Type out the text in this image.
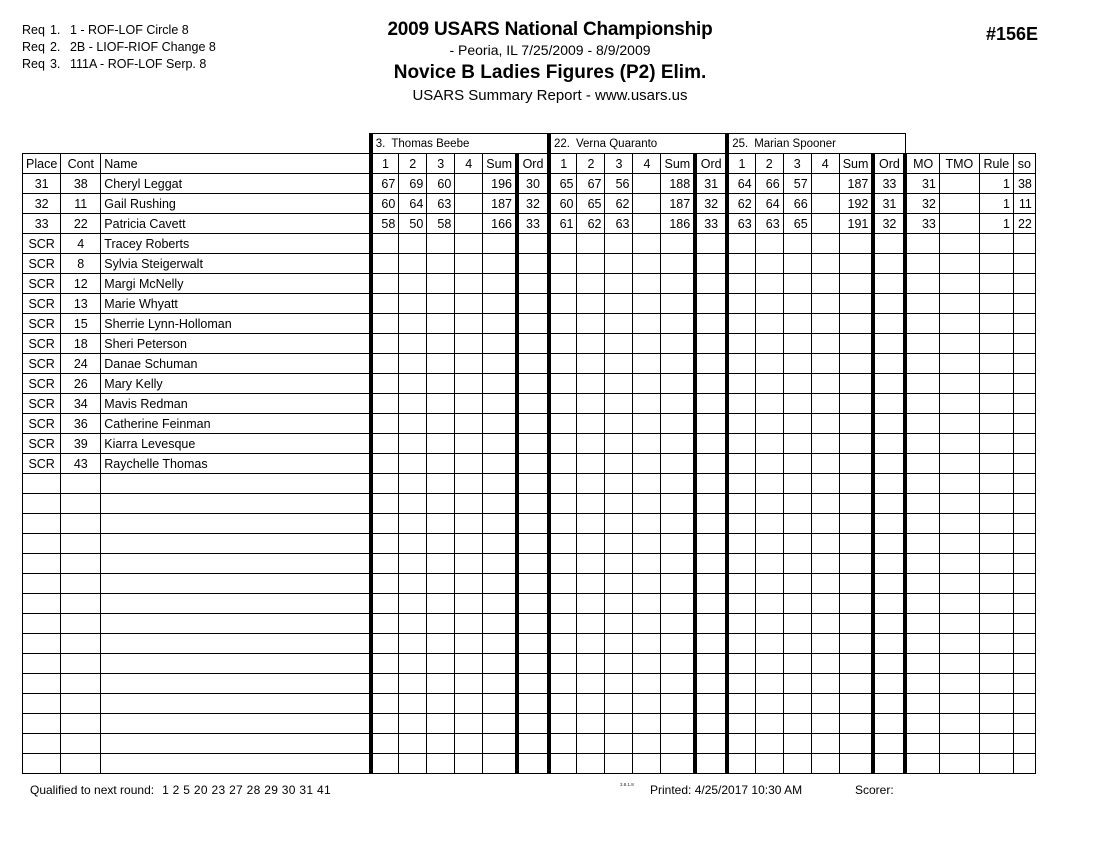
Req 1. 1 - ROF-LOF Circle 8
Req 2. 2B - LIOF-RIOF Change 8
Req 3. 111A - ROF-LOF Serp. 8
2009 USARS National Championship
- Peoria, IL 7/25/2009 - 8/9/2009
Novice B Ladies Figures (P2) Elim.
USARS Summary Report - www.usars.us
#156E
			3. Thomas Beebe						22. Verna Quaranto						25. Marian Spooner									
Place	Cont	Name	1	2	3	4	Sum	Ord	1	2	3	4	Sum	Ord	1	2	3	4	Sum	Ord	MO	TMO	Rule	so
31	38	Cheryl Leggat	67	69	60		196	30	65	67	56		188	31	64	66	57		187	33	31		1	38
32	11	Gail Rushing	60	64	63		187	32	60	65	62		187	32	62	64	66		192	31	32		1	11
33	22	Patricia Cavett	58	50	58		166	33	61	62	63		186	33	63	63	65		191	32	33		1	22
SCR	4	Tracey Roberts																						
SCR	8	Sylvia Steigerwalt																						
SCR	12	Margi McNelly																						
SCR	13	Marie Whyatt																						
SCR	15	Sherrie Lynn-Holloman																						
SCR	18	Sheri Peterson																						
SCR	24	Danae Schuman																						
SCR	26	Mary Kelly																						
SCR	34	Mavis Redman																						
SCR	36	Catherine Feinman																						
SCR	39	Kiarra Levesque																						
SCR	43	Raychelle Thomas																						

Qualified to next round: 1 2 5 20 23 27 28 29 30 31 41	3.8.1.8 Printed: 4/25/2017 10:30 AM	Scorer:
